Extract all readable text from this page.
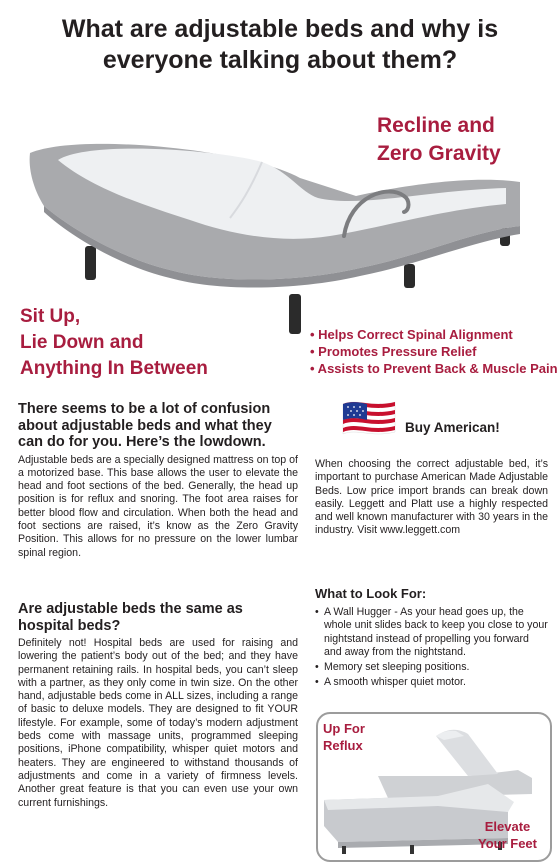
What are adjustable beds and why is
everyone talking about them?
Recline and
Zero Gravity
Sit Up,
Lie Down and
Anything In Between
• Helps Correct Spinal Alignment
• Promotes Pressure Relief
• Assists to Prevent Back & Muscle Pain
There seems to be a lot of confusion about adjustable beds and what they can do for you. Here’s the lowdown.

Adjustable beds are a specially designed mattress on top of a motorized base. This base allows the user to elevate the head and foot sections of the bed. Generally, the head up position is for reflux and snoring. The foot area raises for better blood flow and circulation. When both the head and foot sections are raised, it’s know as the Zero Gravity Position. This allows for no pressure on the lower lumbar spinal region.

Are adjustable beds the same as hospital beds?

Definitely not! Hospital beds are used for raising and lowering the patient’s body out of the bed; and they have permanent retaining rails. In hospital beds, you can’t sleep with a partner, as they only come in twin size. On the other hand, adjustable beds come in ALL sizes, including a range of basic to deluxe models. They are designed to fit YOUR lifestyle. For example, some of today’s modern adjustment beds come with massage units, programmed sleeping positions, iPhone compatibility, whisper quiet motors and heaters. They are engineered to withstand thousands of adjustments and come in a variety of firmness levels. Another great feature is that you can even use your own current furnishings.

Buy American!

When choosing the correct adjustable bed, it’s important to purchase American Made Adjustable Beds. Low price import brands can break down easily. Leggett and Platt use a highly respected and well known manufacturer with 30 years in the industry. Visit www.leggett.com

What to Look For:
• A Wall Hugger - As your head goes up, the whole unit slides back to keep you close to your nightstand instead of propelling you forward and away from the nightstand.
• Memory set sleeping positions.
• A smooth whisper quiet motor.
Up For
Reflux
Elevate
Your Feet
